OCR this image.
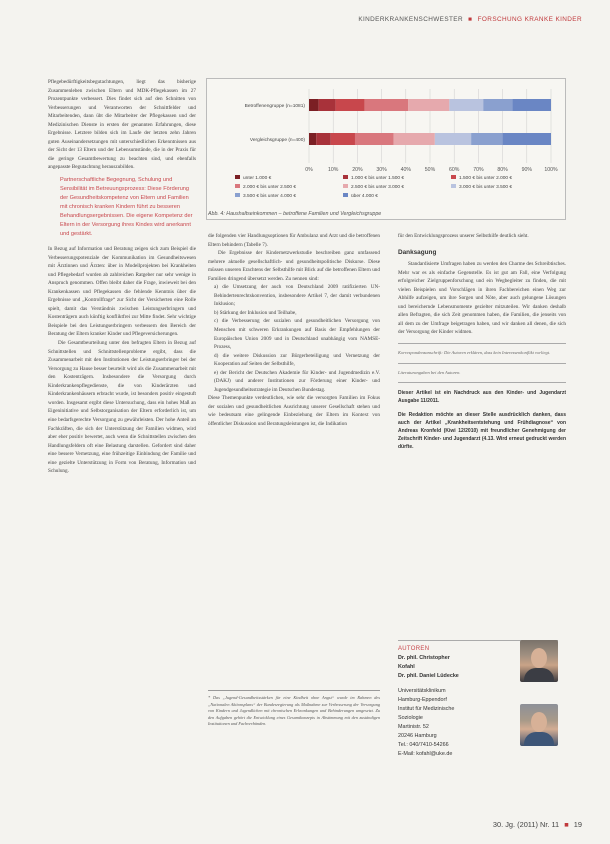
KINDERKRANKENSCHWESTER ■ FORSCHUNG KRANKE KINDER

Pflegebedürftigkeitsbegutachtungen, liegt das bisherige Zusammenleben zwischen Eltern und MDK-Pflegekassen im 27 Prozentpunkte verbessert. Dies findet sich auf den Schnitten von Verbesserungen und Verantworten der Schnittfelder und Mitarbeitenden, dann übt die Mitarbeiter der Pflegekassen und der Medizinischen Dienste in ersten der genannten Erfahrungen, diese Ergebnisse. Letztere bilden sich im Laufe der letzten zehn Jahren guten Auseinandersetzungen mit unterschiedlichen Erkenntnissen aus der Sicht der 13 Eltern und der Lebensumstände, die in der Praxis für die geringe Gesamtbewertung zu beachten sind, und ebenfalls angepasste Begutachtung herauszubilden.

Partnerschaftliche Begegnung, Schulung und Sensibilität im Betreuungsprozess: Diese Förderung der Gesundheitskompetenz von Eltern und Familien mit chronisch kranken Kindern führt zu besseren Behandlungsergebnissen. Die eigene Kompetenz der Eltern in der Versorgung ihres Kindes wird anerkannt und gestärkt.

In Bezug auf Information und Beratung zeigen sich zum Beispiel die Verbesserungspotenziale der Kommunikation im Gesundheitswesen mit Ärztinnen und Ärzten: über in Modellprojekten bei Krankheiten und Pflegebedarf wurden ab zahlreichen Ratgeber nur sehr wenige in Anspruch genommen. Offen bleibt daher die Frage, inwieweit bei den Krankenkassen und Pflegekassen die fehlende Kenntnis über die Ergebnisse und „Kontrollfrage“ zur Sicht der Versicherten eine Rolle spielt, damit das Verständnis zwischen Leistungserbringern und Kostenträgern auch künftig konfliktfrei zur Mitte findet. Sehr wichtige Beispiele bei den Leistungserbringern verbessern den Bereich der Beratung der Eltern kranker Kinder und Pflegeversicherungen.

Die Gesamtbeurteilung unter den befragten Eltern in Bezug auf Schnittstellen und Schnittstellenprobleme ergibt, dass die Zusammenarbeit mit den Institutionen der Leistungserbringer bei der Versorgung zu Hause besser beurteilt wird als die Zusammenarbeit mit den Kostenträgern. Insbesondere die Versorgung durch Kinderkrankenpflegedienste, die von Kinderärzten und Kinderkrankenhäusern erbracht wurde, ist besonders positiv eingestuft worden. Insgesamt ergibt diese Untersuchung, dass ein hohes Maß an Eigeninitiative und Selbstorganisation der Eltern erforderlich ist, um eine bedarfsgerechte Versorgung zu gewährleisten. Der hohe Anteil an Fachkräften, die sich der Unterstützung der Familien widmen, wird aber eher positiv bewertet, auch wenn die Schnittstellen zwischen den Handlungsfeldern oft eine Belastung darstellen. Gefordert sind daher eine bessere Vernetzung, eine frühzeitige Einbindung der Familie und eine gezielte Unterstützung in Form von Beratung, Information und Schulung.

0%	10%	20%	30%	40%	50%	60%	70%	80%	90% 100%
Betroffenengruppe (n=1081)
Vergleichsgruppe (n=400)
unter 1.000 €	1.000 € bis unter 1.500 €	1.500 € bis unter 2.000 €
2.000 € bis unter 2.500 €	2.500 € bis unter 3.000 €	3.000 € bis unter 3.500 €
3.500 € bis unter 4.000 €	über 4.000 €
Abb. 4: Haushaltseinkommen – betroffene Familien und Vergleichsgruppe

die folgenden vier Handlungsoptionen für Ambulanz und Arzt und die betroffenen Eltern behindern (Tabelle 7).

Die Ergebnisse der Kindernetzwerkstudie beschreiben ganz umfassend mehrere aktuelle gesellschaftlich- und gesundheitspolitische Diskurse. Diese müssen unseren Erachtens der Selbsthilfe mit Blick auf die betroffenen Eltern und Familien dringend übersetzt werden. Zu nennen sind:

a) die Umsetzung der auch von Deutschland 2009 ratifizierten UN-Behindertenrechtskonvention, insbesondere Artikel 7, der damit verbundenen Inklusion;

b) Stärkung der Inklusion und Teilhabe,

c) die Verbesserung der sozialen und gesundheitlichen Versorgung von Menschen mit schweren Erkrankungen auf Basis der Empfehlungen der Europäischen Union 2009 und in Deutschland unabhängig vom NAMSE-Prozess,

d) die weitere Diskussion zur Bürgerbeteiligung und Vernetzung der Kooperation auf Seiten der Selbsthilfe,

e) der Bericht der Deutschen Akademie für Kinder- und Jugendmedizin e.V. (DAKJ) und anderer Institutionen zur Förderung einer Kinder- und Jugendgesundheitsstrategie im Deutschen Bundestag.

Diese Themenpunkte verdeutlichen, wie sehr die versorgten Familien im Fokus der sozialen und gesundheitlichen Ausrichtung unserer Gesellschaft stehen und wie bedeutsam eine gelingende Einbeziehung der Eltern im Kontext von öffentlicher Diskussion und Beratungsleistungen ist, die Indikation

* Das „Jugend-Gesundheitsstärken für eine Kindheit ohne Angst“ wurde im Rahmen des „Nationalen Aktionsplans“ der Bundesregierung als Maßnahme zur Verbesserung der Versorgung von Kindern und Jugendlichen mit chronischen Erkrankungen und Behinderungen umgesetzt. Zu den Aufgaben gehört die Entwicklung eines Gesamtkonzepts in Abstimmung mit den zuständigen Institutionen und Fachverbänden.

für den Entwicklungsprozess unserer Selbsthilfe deutlich sieht.

Danksagung

Standardisierte Umfragen haben zu werden den Charme des Schreibtisches. Mehr war es als einfache Gegenstelle. Es ist gut am Fall, eine Verfolgung erfolgreicher Zielgruppenforschung und ein Wegbegleiter zu finden, die mit vielen Beispielen und Vorschlägen in ihren Fachbereichen einen Weg zur Abhilfe aufzeigen, um ihre Sorgen und Nöte, aber auch gelungene Lösungen und bereichernde Lebensmomente gezielter mitzuteilen. Wir danken deshalb allen Befragten, die sich Zeit genommen haben, die Familien, die jenseits von all dem zu der Umfrage beigetragen haben, und wir danken all denen, die sich der Versorgung der Kinder widmen.

Korrespondenzanschrift: Die Autoren erklären, dass kein Interessenkonflikt vorliegt.

Literaturangaben bei den Autoren.

Dieser Artikel ist ein Nachdruck aus den Kinder- und Jugendarzt Ausgabe 11/2011.

Die Redaktion möchte an dieser Stelle ausdrücklich danken, dass auch der Artikel „Krankheitsentstehung und Frühdiagnose“ von Andreas Kronfeld (Kiwi 12/2010) mit freundlicher Genehmigung der Zeitschrift Kinder- und Jugendarzt (4.13. Wird erneut gedruckt werden dürfte.

AUTOREN
Dr. phil. Christopher
Kofahl
Dr. phil. Daniel Lüdecke
Universitätsklinikum
Hamburg-Eppendorf
Institut für Medizinische
Soziologie
Martinistr. 52
20246 Hamburg
Tel.: 040/7410-54266
E-Mail: kofahl@uke.de
30. Jg. (2011) Nr. 11 ■ 19
